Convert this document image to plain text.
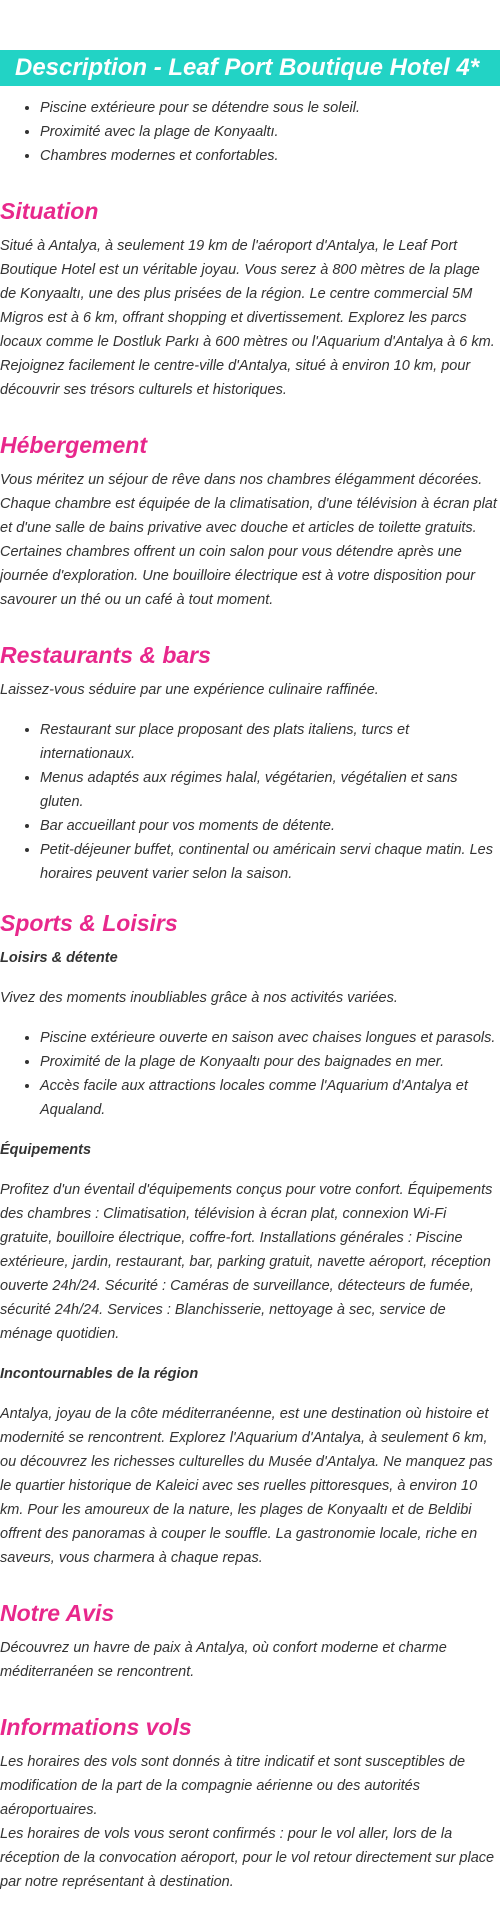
Description - Leaf Port Boutique Hotel 4*
• Piscine extérieure pour se détendre sous le soleil.
• Proximité avec la plage de Konyaaltı.
• Chambres modernes et confortables.
Situation

Situé à Antalya, à seulement 19 km de l'aéroport d'Antalya, le Leaf Port Boutique Hotel est un véritable joyau. Vous serez à 800 mètres de la plage de Konyaaltı, une des plus prisées de la région. Le centre commercial 5M Migros est à 6 km, offrant shopping et divertissement. Explorez les parcs locaux comme le Dostluk Parkı à 600 mètres ou l'Aquarium d'Antalya à 6 km. Rejoignez facilement le centre-ville d'Antalya, situé à environ 10 km, pour découvrir ses trésors culturels et historiques.

Hébergement

Vous méritez un séjour de rêve dans nos chambres élégamment décorées. Chaque chambre est équipée de la climatisation, d'une télévision à écran plat et d'une salle de bains privative avec douche et articles de toilette gratuits. Certaines chambres offrent un coin salon pour vous détendre après une journée d'exploration. Une bouilloire électrique est à votre disposition pour savourer un thé ou un café à tout moment.

Restaurants & bars

Laissez-vous séduire par une expérience culinaire raffinée.

• Restaurant sur place proposant des plats italiens, turcs et internationaux.
• Menus adaptés aux régimes halal, végétarien, végétalien et sans gluten.
• Bar accueillant pour vos moments de détente.
• Petit-déjeuner buffet, continental ou américain servi chaque matin. Les horaires peuvent varier selon la saison.
Sports & Loisirs
Loisirs & détente

Vivez des moments inoubliables grâce à nos activités variées.

• Piscine extérieure ouverte en saison avec chaises longues et parasols.
• Proximité de la plage de Konyaaltı pour des baignades en mer.
• Accès facile aux attractions locales comme l'Aquarium d'Antalya et Aqualand.
Équipements

Profitez d'un éventail d'équipements conçus pour votre confort. Équipements des chambres : Climatisation, télévision à écran plat, connexion Wi-Fi gratuite, bouilloire électrique, coffre-fort. Installations générales : Piscine extérieure, jardin, restaurant, bar, parking gratuit, navette aéroport, réception ouverte 24h/24. Sécurité : Caméras de surveillance, détecteurs de fumée, sécurité 24h/24. Services : Blanchisserie, nettoyage à sec, service de ménage quotidien.

Incontournables de la région

Antalya, joyau de la côte méditerranéenne, est une destination où histoire et modernité se rencontrent. Explorez l'Aquarium d'Antalya, à seulement 6 km, ou découvrez les richesses culturelles du Musée d'Antalya. Ne manquez pas le quartier historique de Kaleici avec ses ruelles pittoresques, à environ 10 km. Pour les amoureux de la nature, les plages de Konyaaltı et de Beldibi offrent des panoramas à couper le souffle. La gastronomie locale, riche en saveurs, vous charmera à chaque repas.

Notre Avis

Découvrez un havre de paix à Antalya, où confort moderne et charme méditerranéen se rencontrent.

Informations vols

Les horaires des vols sont donnés à titre indicatif et sont susceptibles de modification de la part de la compagnie aérienne ou des autorités aéroportuaires.

Les horaires de vols vous seront confirmés : pour le vol aller, lors de la réception de la convocation aéroport, pour le vol retour directement sur place par notre représentant à destination.
